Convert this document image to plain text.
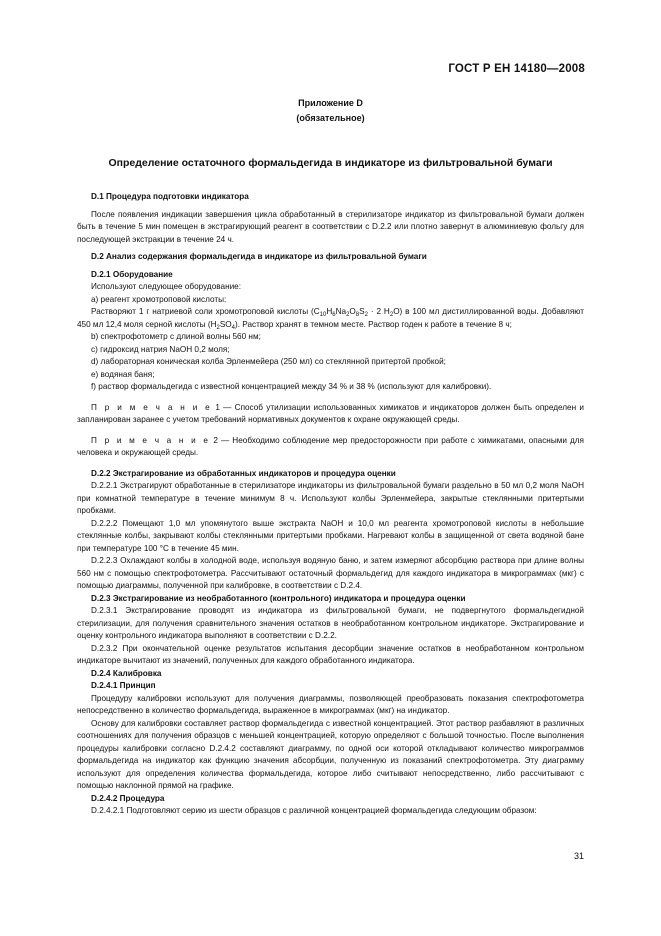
ГОСТ Р ЕН 14180—2008
Приложение D
(обязательное)
Определение остаточного формальдегида в индикаторе из фильтровальной бумаги

D.1 Процедура подготовки индикатора

После появления индикации завершения цикла обработанный в стерилизаторе индикатор из фильтровальной бумаги должен быть в течение 5 мин помещен в экстрагирующий реагент в соответствии с D.2.2 или плотно завернут в алюминиевую фольгу для последующей экстракции в течение 24 ч.

D.2 Анализ содержания формальдегида в индикаторе из фильтровальной бумаги

D.2.1 Оборудование

Используют следующее оборудование:

а) реагент хромотроповой кислоты:

Растворяют 1 г натриевой соли хромотроповой кислоты ($C_{10}H_6Na_2O_8S_2 \cdot 2$ $H_2O$) в 100 мл дистиллированной воды. Добавляют 450 мл 12,4 моля серной кислоты $(H_2SO_4)$. Раствор хранят в темном месте. Раствор годен к работе в течение 8 ч;

b) спектрофотометр с длиной волны 560 нм;

c) гидроксид натрия NaOH 0,2 моля;

d) лабораторная коническая колба Эрленмейера (250 мл) со стеклянной притертой пробкой;

e) водяная баня;

f) раствор формальдегида с известной концентрацией между 34 % и 38 % (используют для калибровки).

П р и м е ч а н и е 1 — Способ утилизации использованных химикатов и индикаторов должен быть определен и запланирован заранее с учетом требований нормативных документов к охране окружающей среды.

П р и м е ч а н и е 2 — Необходимо соблюдение мер предосторожности при работе с химикатами, опасными для человека и окружающей среды.

D.2.2 Экстрагирование из обработанных индикаторов и процедура оценки

D.2.2.1 Экстрагируют обработанные в стерилизаторе индикаторы из фильтровальной бумаги раздельно в 50 мл 0,2 моля NaOH при комнатной температуре в течение минимум 8 ч. Используют колбы Эрленмейера, закрытые стеклянными притертыми пробками.

D.2.2.2 Помещают 1,0 мл упомянутого выше экстракта NaOH и 10,0 мл реагента хромотроповой кислоты в небольшие стеклянные колбы, закрывают колбы стеклянными притертыми пробками. Нагревают колбы в защищенной от света водяной бане при температуре 100 °C в течение 45 мин.

D.2.2.3 Охлаждают колбы в холодной воде, используя водяную баню, и затем измеряют абсорбцию раствора при длине волны 560 нм с помощью спектрофотометра. Рассчитывают остаточный формальдегид для каждого индикатора в микрограммах (мкг) с помощью диаграммы, полученной при калибровке, в соответствии с D.2.4.

D.2.3 Экстрагирование из необработанного (контрольного) индикатора и процедура оценки

D.2.3.1 Экстрагирование проводят из индикатора из фильтровальной бумаги, не подвергнутого формальдегидной стерилизации, для получения сравнительного значения остатков в необработанном контрольном индикаторе. Экстрагирование и оценку контрольного индикатора выполняют в соответствии с D.2.2.

D.2.3.2 При окончательной оценке результатов испытания десорбции значение остатков в необработанном контрольном индикаторе вычитают из значений, полученных для каждого обработанного индикатора.

D.2.4 Калибровка

D.2.4.1 Принцип

Процедуру калибровки используют для получения диаграммы, позволяющей преобразовать показания спектрофотометра непосредственно в количество формальдегида, выраженное в микрограммах (мкг) на индикатор.

Основу для калибровки составляет раствор формальдегида с известной концентрацией. Этот раствор разбавляют в различных соотношениях для получения образцов с меньшей концентрацией, которую определяют с большой точностью. После выполнения процедуры калибровки согласно D.2.4.2 составляют диаграмму, по одной оси которой откладывают количество микрограммов формальдегида на индикатор как функцию значения абсорбции, полученную из показаний спектрофотометра. Эту диаграмму используют для определения количества формальдегида, которое либо считывают непосредственно, либо рассчитывают с помощью наклонной прямой на графике.

D.2.4.2 Процедура

D.2.4.2.1 Подготовляют серию из шести образцов с различной концентрацией формальдегида следующим образом:

31
